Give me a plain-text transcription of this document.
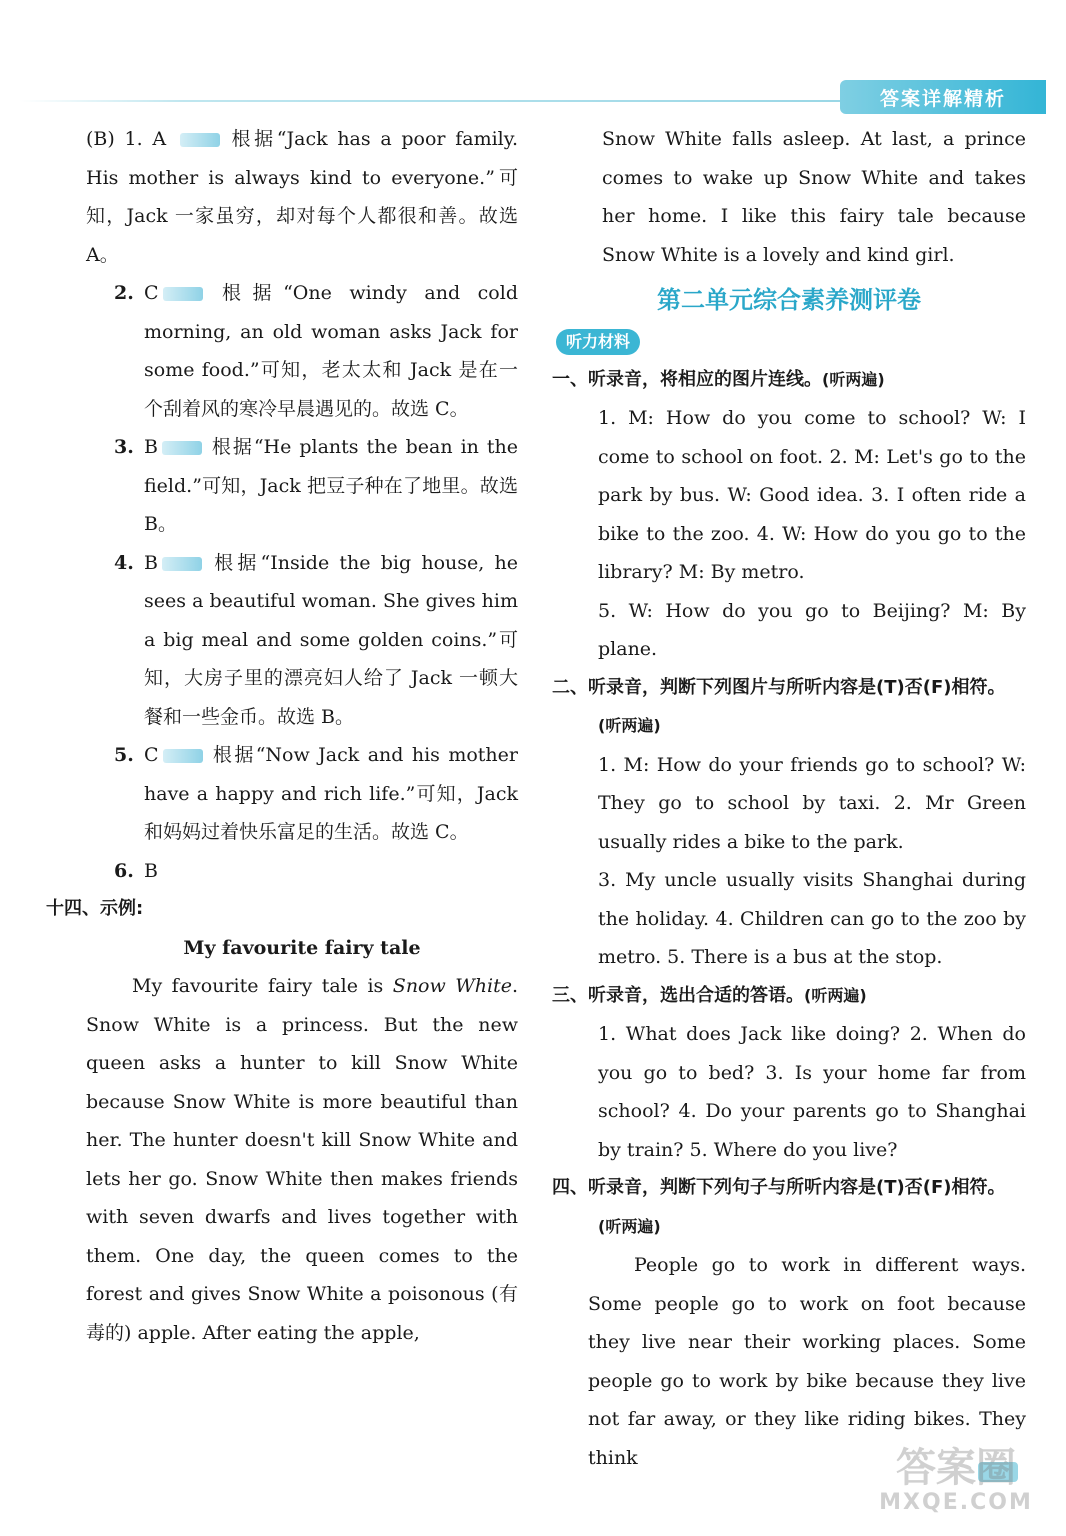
答案详解精析
(B) 1. A	根据“Jack has a poor family. His mother is always kind to everyone.”可知，Jack 一家虽穷，却对每个人都很和善。故选 A。
2. C	根据“One windy and cold morning, an old woman asks Jack for some food.”可知，老太太和 Jack 是在一个刮着风的寒冷早晨遇见的。故选 C。
3. B	根据“He plants the bean in the field.”可知，Jack 把豆子种在了地里。故选 B。
4. B	根据“Inside the big house, he sees a beautiful woman. She gives him a big meal and some golden coins.”可知，大房子里的漂亮妇人给了 Jack 一顿大餐和一些金币。故选 B。
5. C	根据“Now Jack and his mother have a happy and rich life.”可知，Jack 和妈妈过着快乐富足的生活。故选 C。
6. B
十四、示例:
My favourite fairy tale
My favourite fairy tale is Snow White. Snow White is a princess. But the new queen asks a hunter to kill Snow White because Snow White is more beautiful than her. The hunter doesn't kill Snow White and lets her go. Snow White then makes friends with seven dwarfs and lives together with them. One day, the queen comes to the forest and gives Snow White a poisonous (有毒的) apple. After eating the apple,
Snow White falls asleep. At last, a prince comes to wake up Snow White and takes her home. I like this fairy tale because Snow White is a lovely and kind girl.
第二单元综合素养测评卷
听力材料
一、听录音，将相应的图片连线。(听两遍)
1. M: How do you come to school? W: I come to school on foot. 2. M: Let's go to the park by bus. W: Good idea. 3. I often ride a bike to the zoo. 4. W: How do you go to the library? M: By metro.
5. W: How do you go to Beijing? M: By plane.
二、听录音，判断下列图片与所听内容是(T)否(F)相符。(听两遍)
1. M: How do your friends go to school? W: They go to school by taxi. 2. Mr Green usually rides a bike to the park.
3. My uncle usually visits Shanghai during the holiday. 4. Children can go to the zoo by metro. 5. There is a bus at the stop.
三、听录音，选出合适的答语。(听两遍)
1. What does Jack like doing? 2. When do you go to bed? 3. Is your home far from school? 4. Do your parents go to Shanghai by train? 5. Where do you live?
四、听录音，判断下列句子与所听内容是(T)否(F)相符。(听两遍)
People go to work in different ways. Some people go to work on foot because they live near their working places. Some people go to work by bike because they live not far away, or they like riding bikes. They think	答案圈
MXQE.COM
